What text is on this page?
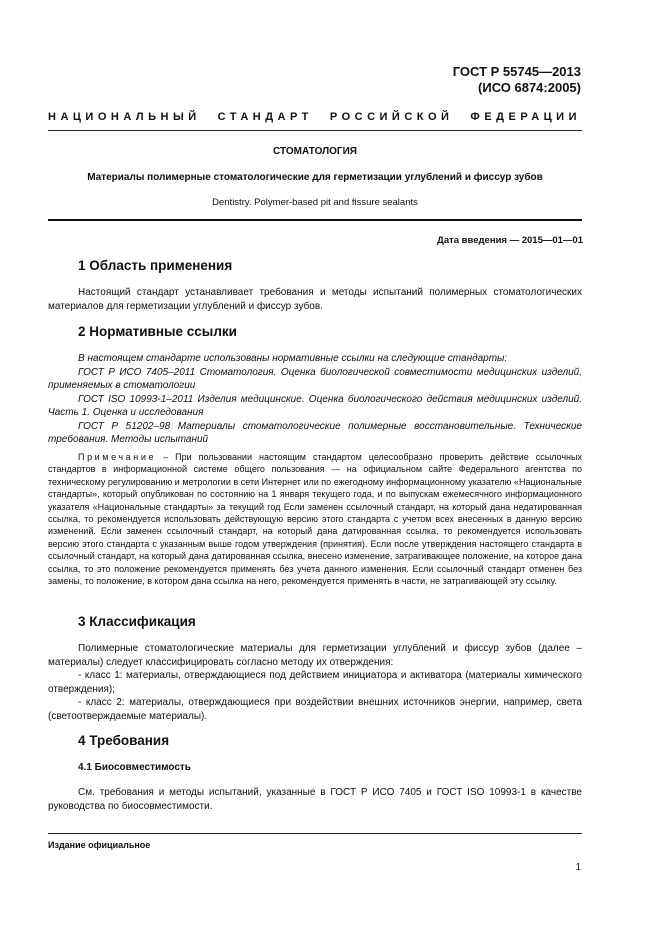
ГОСТ Р 55745—2013
(ИСО 6874:2005)
НАЦИОНАЛЬНЫЙ СТАНДАРТ РОССИЙСКОЙ ФЕДЕРАЦИИ
СТОМАТОЛОГИЯ
Материалы полимерные стоматологические для герметизации углублений и фиссур зубов
Dentistry. Polymer-based pit and fissure sealants
Дата введения — 2015—01—01
1 Область применения

Настоящий стандарт устанавливает требования и методы испытаний полимерных стоматологических материалов для герметизации углублений и фиссур зубов.

2 Нормативные ссылки

В настоящем стандарте использованы нормативные ссылки на следующие стандарты:

ГОСТ Р ИСО 7405–2011 Стоматология. Оценка биологической совместимости медицинских изделий, применяемых в стоматологии

ГОСТ ISO 10993-1–2011 Изделия медицинские. Оценка биологического действия медицинских изделий. Часть 1. Оценка и исследования

ГОСТ Р 51202–98 Материалы стоматологические полимерные восстановительные. Технические требования. Методы испытаний

Примечание – При пользовании настоящим стандартом целесообразно проверить действие ссылочных стандартов в информационной системе общего пользования — на официальном сайте Федерального агентства по техническому регулированию и метрологии в сети Интернет или по ежегодному информационному указателю «Национальные стандарты», который опубликован по состоянию на 1 января текущего года, и по выпускам ежемесячного информационного указателя «Национальные стандарты» за текущий год Если заменен ссылочный стандарт, на который дана недатированная ссылка, то рекомендуется использовать действующую версию этого стандарта с учетом всех внесенных в данную версию изменений. Если заменен ссылочный стандарт, на который дана датированная ссылка, то рекомендуется использовать версию этого стандарта с указанным выше годом утверждения (принятия). Если после утверждения настоящего стандарта в ссылочный стандарт, на который дана датированная ссылка, внесено изменение, затрагивающее положение, на которое дана ссылка, то это положение рекомендуется применять без учета данного изменения. Если ссылочный стандарт отменен без замены, то положение, в котором дана ссылка на него, рекомендуется применять в части, не затрагивающей эту ссылку.

3 Классификация

Полимерные стоматологические материалы для герметизации углублений и фиссур зубов (далее – материалы) следует классифицировать согласно методу их отверждения:

- класс 1: материалы, отверждающиеся под действием инициатора и активатора (материалы химического отверждения);

- класс 2: материалы, отверждающиеся при воздействии внешних источников энергии, например, света (светоотверждаемые материалы).

4 Требования
4.1 Биосовместимость

См. требования и методы испытаний, указанные в ГОСТ Р ИСО 7405 и ГОСТ ISO 10993-1 в качестве руководства по биосовместимости.

Издание официальное
1
